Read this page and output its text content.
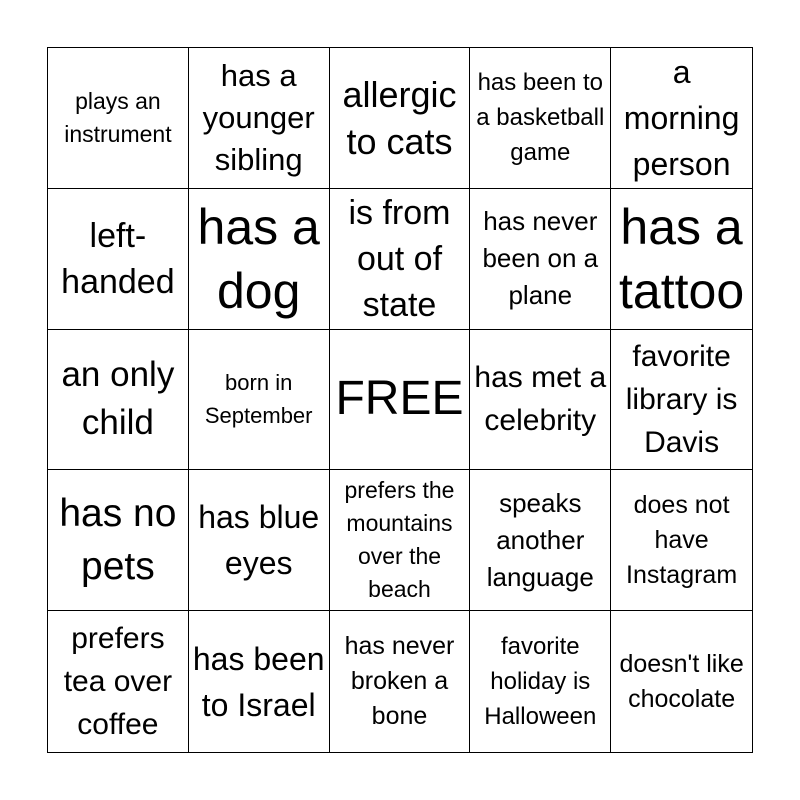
plays an instrument
has a younger sibling
allergic to cats
has been to a basketball game
a morning person
left-handed
has a dog
is from out of state
has never been on a plane
has a tattoo
an only child
born in September FREE has met a celebrity
favorite library is Davis
has no pets
has blue eyes
prefers the mountains over the beach
speaks another language
does not have Instagram
prefers tea over coffee
has been to Israel
has never broken a bone
favorite holiday is Halloween
doesn't like chocolate
